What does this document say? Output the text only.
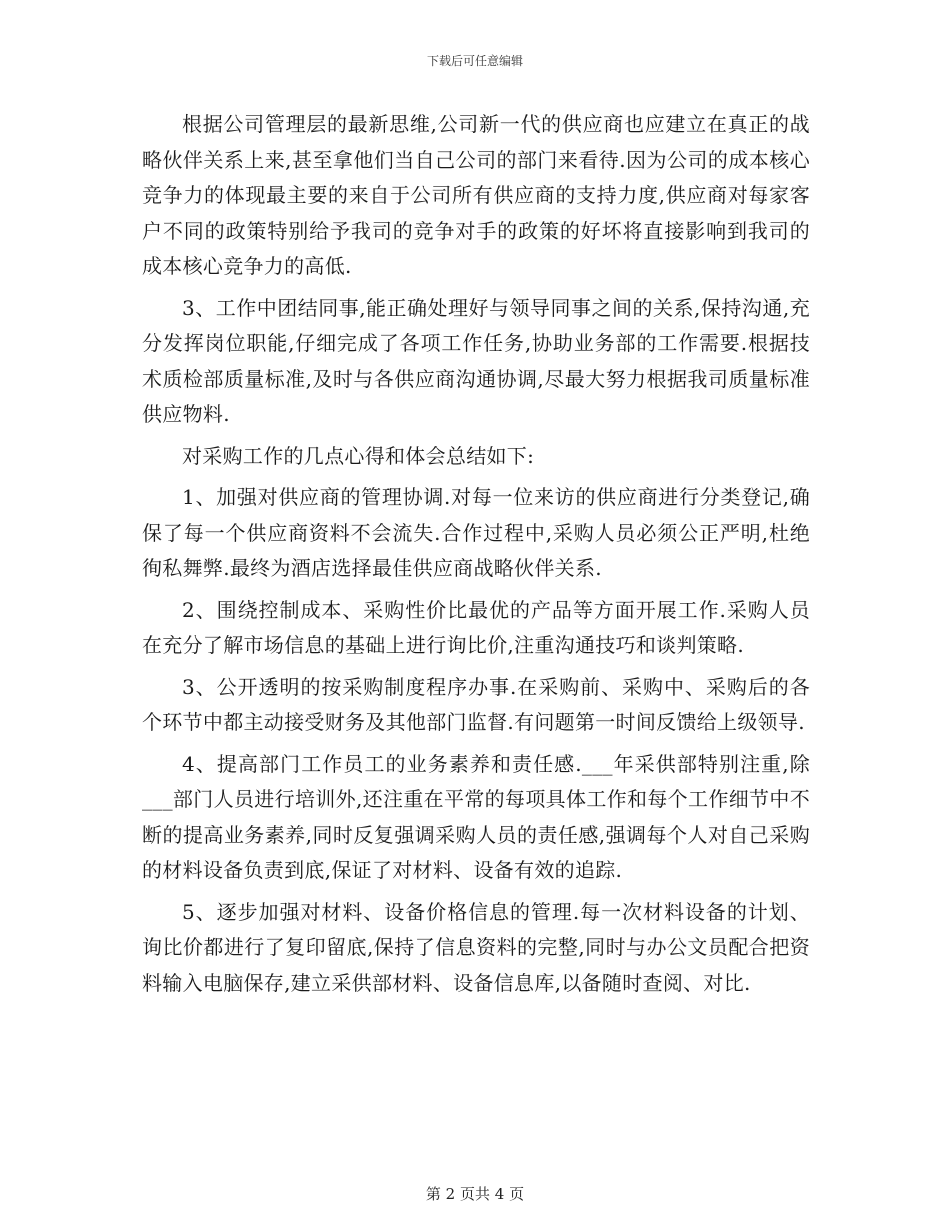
下载后可任意编辑

根据公司管理层的最新思维,公司新一代的供应商也应建立在真正的战略伙伴关系上来,甚至拿他们当自己公司的部门来看待.因为公司的成本核心竞争力的体现最主要的来自于公司所有供应商的支持力度,供应商对每家客户不同的政策特别给予我司的竞争对手的政策的好坏将直接影响到我司的成本核心竞争力的高低.

3、工作中团结同事,能正确处理好与领导同事之间的关系,保持沟通,充分发挥岗位职能,仔细完成了各项工作任务,协助业务部的工作需要.根据技术质检部质量标准,及时与各供应商沟通协调,尽最大努力根据我司质量标准供应物料.

对采购工作的几点心得和体会总结如下:

1、加强对供应商的管理协调.对每一位来访的供应商进行分类登记,确保了每一个供应商资料不会流失.合作过程中,采购人员必须公正严明,杜绝徇私舞弊.最终为酒店选择最佳供应商战略伙伴关系.

2、围绕控制成本、采购性价比最优的产品等方面开展工作.采购人员在充分了解市场信息的基础上进行询比价,注重沟通技巧和谈判策略.

3、公开透明的按采购制度程序办事.在采购前、采购中、采购后的各个环节中都主动接受财务及其他部门监督.有问题第一时间反馈给上级领导.

4、提高部门工作员工的业务素养和责任感.___年采供部特别注重,除___部门人员进行培训外,还注重在平常的每项具体工作和每个工作细节中不断的提高业务素养,同时反复强调采购人员的责任感,强调每个人对自己采购的材料设备负责到底,保证了对材料、设备有效的追踪.

5、逐步加强对材料、设备价格信息的管理.每一次材料设备的计划、询比价都进行了复印留底,保持了信息资料的完整,同时与办公文员配合把资料输入电脑保存,建立采供部材料、设备信息库,以备随时查阅、对比.

第 2 页共 4 页
